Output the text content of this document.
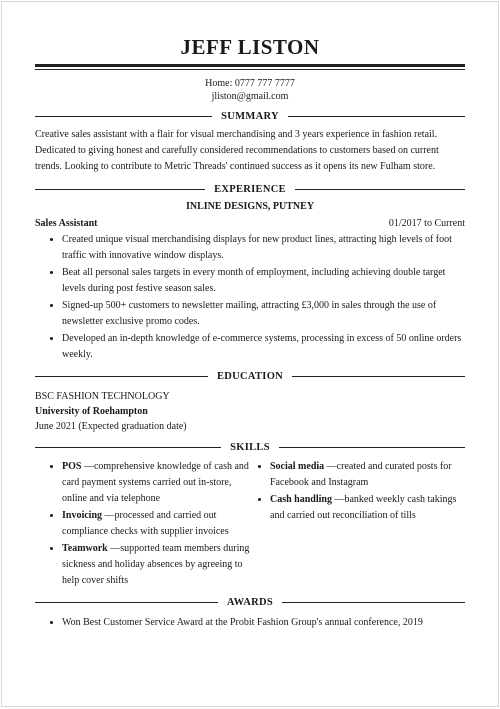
JEFF LISTON
Home: 0777 777 7777
jliston@gmail.com
SUMMARY
Creative sales assistant with a flair for visual merchandising and 3 years experience in fashion retail. Dedicated to giving honest and carefully considered recommendations to customers based on current trends. Looking to contribute to Metric Threads' continued success as it opens its new Fulham store.
EXPERIENCE
INLINE DESIGNS, PUTNEY
Sales Assistant	01/2017 to Current
• Created unique visual merchandising displays for new product lines, attracting high levels of foot traffic with innovative window displays.
• Beat all personal sales targets in every month of employment, including achieving double target levels during post festive season sales.
• Signed-up 500+ customers to newsletter mailing, attracting £3,000 in sales through the use of newsletter exclusive promo codes.
• Developed an in-depth knowledge of e-commerce systems, processing in excess of 50 online orders weekly.
EDUCATION
BSC FASHION TECHNOLOGY
University of Roehampton
June 2021 (Expected graduation date)
SKILLS
• POS —comprehensive knowledge of cash and card payment systems carried out in-store, online and via telephone
• Invoicing —processed and carried out compliance checks with supplier invoices
• Teamwork —supported team members during sickness and holiday absences by agreeing to help cover shifts
• Social media —created and curated posts for Facebook and Instagram
• Cash handling —banked weekly cash takings and carried out reconciliation of tills
AWARDS
• Won Best Customer Service Award at the Probit Fashion Group's annual conference, 2019
